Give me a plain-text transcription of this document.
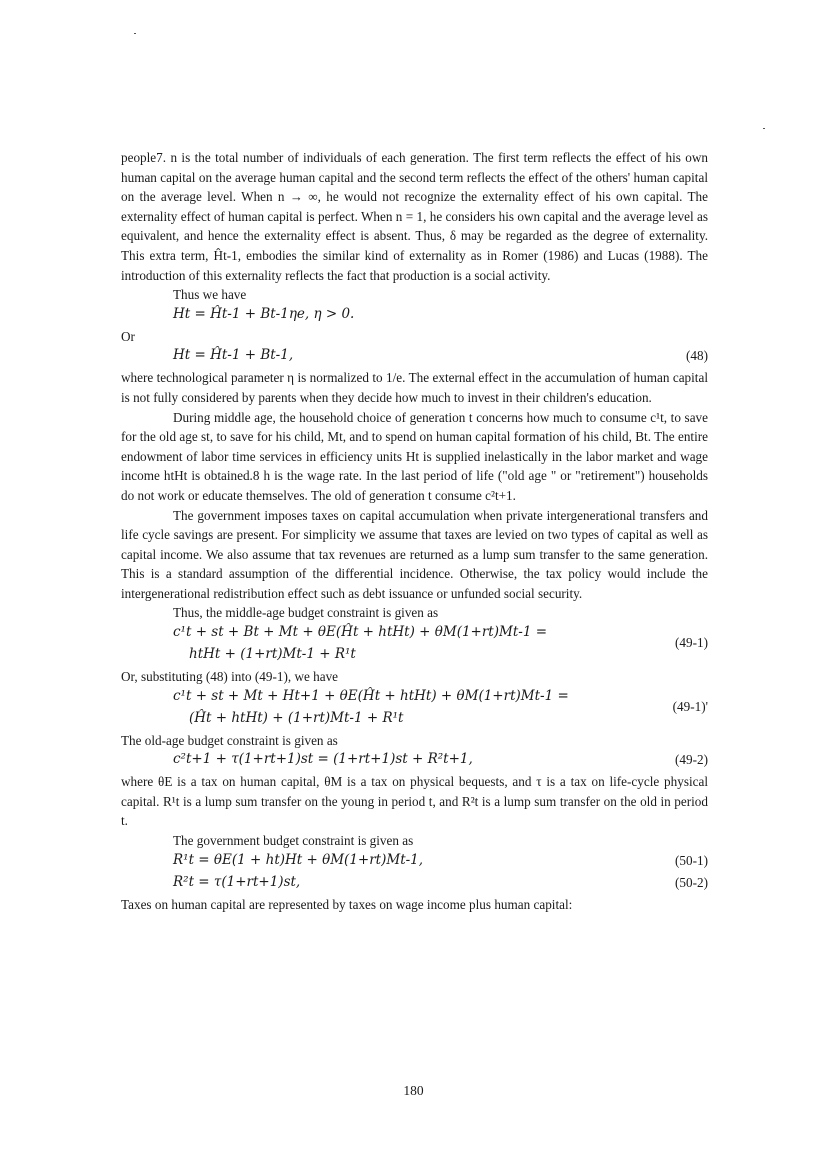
people7. n is the total number of individuals of each generation. The first term reflects the effect of his own human capital on the average human capital and the second term reflects the effect of the others' human capital on the average level. When n → ∞, he would not recognize the externality effect of his own capital. The externality effect of human capital is perfect. When n = 1, he considers his own capital and the average level as equivalent, and hence the externality effect is absent. Thus, δ may be regarded as the degree of externality. This extra term, Ĥt-1, embodies the similar kind of externality as in Romer (1986) and Lucas (1988). The introduction of this externality reflects the fact that production is a social activity.

Thus we have

Ht = Ĥt-1 + Bt-1ηe, η > 0.

Or

Ht = Ĥt-1 + Bt-1,	(48)

where technological parameter η is normalized to 1/e. The external effect in the accumulation of human capital is not fully considered by parents when they decide how much to invest in their children's education.

During middle age, the household choice of generation t concerns how much to consume c¹t, to save for the old age st, to save for his child, Mt, and to spend on human capital formation of his child, Bt. The entire endowment of labor time services in efficiency units Ht is supplied inelastically in the labor market and wage income htHt is obtained.8 h is the wage rate. In the last period of life ("old age " or "retirement") households do not work or educate themselves. The old of generation t consume c²t+1.

The government imposes taxes on capital accumulation when private intergenerational transfers and life cycle savings are present. For simplicity we assume that taxes are levied on two types of capital as well as capital income. We also assume that tax revenues are returned as a lump sum transfer to the same generation. This is a standard assumption of the differential incidence. Otherwise, the tax policy would include the intergenerational redistribution effect such as debt issuance or unfunded social security.

Thus, the middle-age budget constraint is given as

c¹t + st + Bt + Mt + θE(Ĥt + htHt) + θM(1+rt)Mt-1 =
htHt + (1+rt)Mt-1 + R¹t
(49-1)

Or, substituting (48) into (49-1), we have

c¹t + st + Mt + Ht+1 + θE(Ĥt + htHt) + θM(1+rt)Mt-1 =
(Ĥt + htHt) + (1+rt)Mt-1 + R¹t
(49-1)'

The old-age budget constraint is given as

c²t+1 + τ(1+rt+1)st = (1+rt+1)st + R²t+1,	(49-2)

where θE is a tax on human capital, θM is a tax on physical bequests, and τ is a tax on life-cycle physical capital. R¹t is a lump sum transfer on the young in period t, and R²t is a lump sum transfer on the old in period t.

The government budget constraint is given as

R¹t = θE(1 + ht)Ht + θM(1+rt)Mt-1,	(50-1)
R²t = τ(1+rt+1)st,	(50-2)

Taxes on human capital are represented by taxes on wage income plus human capital:

180
